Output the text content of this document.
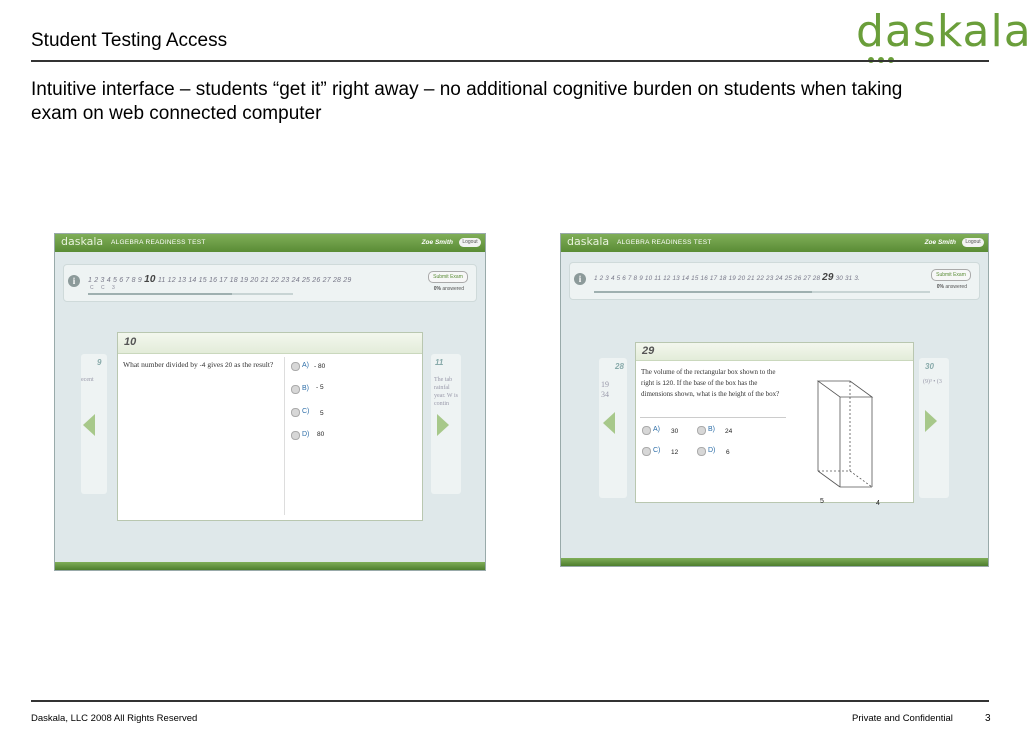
Student Testing Access	daskala
Intuitive interface – students “get it” right away – no additional cognitive burden on students when taking exam on web connected computer
daskala ALGEBRA READINESS TEST	Zoe Smith	Logout
i	1 2 3 4 5 6 7 8 9 10 11 12 13 14 15 16 17 18 19 20 21 22 23 24 25 26 27 28 29
C C 3
Submit Exam
0% answered
9
ecent
11
The tab rainfal year. W is contin
10
What number divided by -4 gives 20 as the result?	A) - 80
B) - 5
C) 5
D) 80
daskala ALGEBRA READINESS TEST	Zoe Smith	Logout
i	1 2 3 4 5 6 7 8 9 10 11 12 13 14 15 16 17 18 19 20 21 22 23 24 25 26 27 28 29 30 31 3.	Submit Exam
0% answered
28
19 34
30
(9)³ • (3
29
The volume of the rectangular box shown to the right is 120. If the base of the box has the dimensions shown, what is the height of the box?
A) 30	B) 24
C) 12	D) 6
5	4
Daskala, LLC 2008 All Rights Reserved	Private and Confidential	3
